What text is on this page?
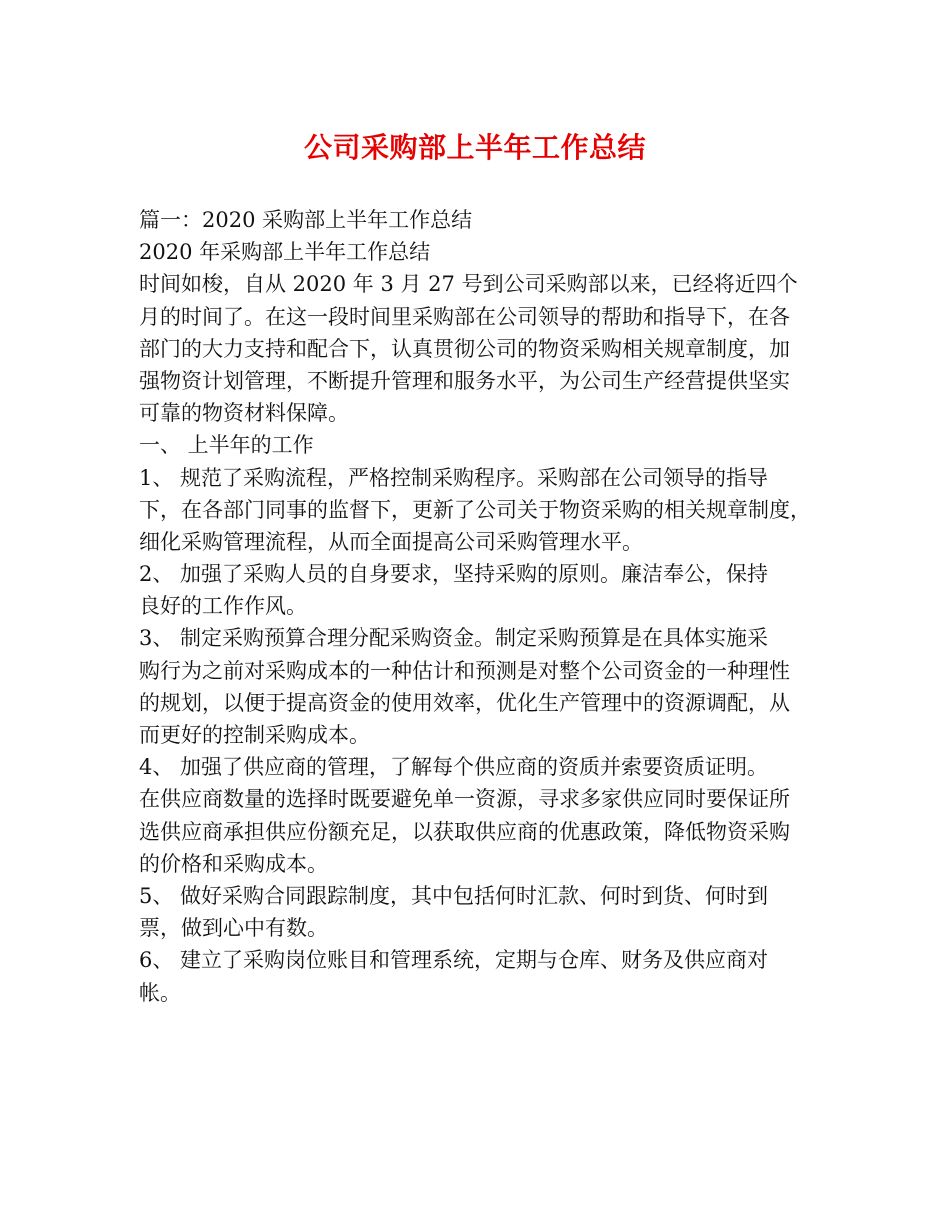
公司采购部上半年工作总结
篇一：2020 采购部上半年工作总结
2020 年采购部上半年工作总结
时间如梭，自从 2020 年 3 月 27 号到公司采购部以来，已经将近四个
月的时间了。在这一段时间里采购部在公司领导的帮助和指导下，在各
部门的大力支持和配合下，认真贯彻公司的物资采购相关规章制度，加
强物资计划管理，不断提升管理和服务水平，为公司生产经营提供坚实
可靠的物资材料保障。
一、 上半年的工作
1、 规范了采购流程，严格控制采购程序。采购部在公司领导的指导
下，在各部门同事的监督下，更新了公司关于物资采购的相关规章制度，
细化采购管理流程，从而全面提高公司采购管理水平。
2、 加强了采购人员的自身要求，坚持采购的原则。廉洁奉公，保持
良好的工作作风。
3、 制定采购预算合理分配采购资金。制定采购预算是在具体实施采
购行为之前对采购成本的一种估计和预测是对整个公司资金的一种理性
的规划，以便于提高资金的使用效率，优化生产管理中的资源调配，从
而更好的控制采购成本。
4、 加强了供应商的管理，了解每个供应商的资质并索要资质证明。
在供应商数量的选择时既要避免单一资源，寻求多家供应同时要保证所
选供应商承担供应份额充足，以获取供应商的优惠政策，降低物资采购
的价格和采购成本。
5、 做好采购合同跟踪制度，其中包括何时汇款、何时到货、何时到
票，做到心中有数。
6、 建立了采购岗位账目和管理系统，定期与仓库、财务及供应商对
帐。
